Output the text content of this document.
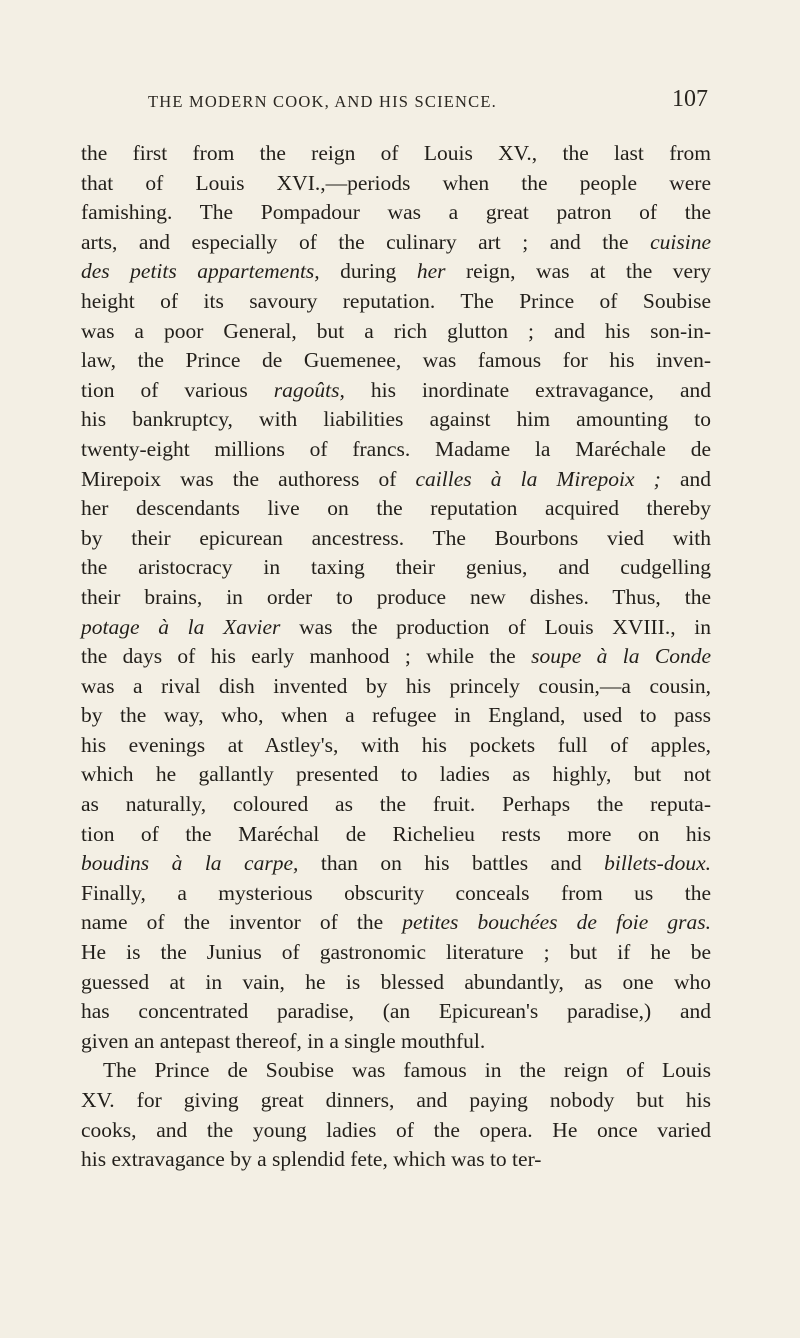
THE MODERN COOK, AND HIS SCIENCE.	107
the first from the reign of Louis XV., the last from
that of Louis XVI.,—periods when the people were
famishing. The Pompadour was a great patron of the
arts, and especially of the culinary art ; and the cuisine
des petits appartements, during her reign, was at the very
height of its savoury reputation. The Prince of Soubise
was a poor General, but a rich glutton ; and his son-in-
law, the Prince de Guemenee, was famous for his inven-
tion of various ragoûts, his inordinate extravagance, and
his bankruptcy, with liabilities against him amounting to
twenty-eight millions of francs. Madame la Maréchale de
Mirepoix was the authoress of cailles à la Mirepoix ; and
her descendants live on the reputation acquired thereby
by their epicurean ancestress. The Bourbons vied with
the aristocracy in taxing their genius, and cudgelling
their brains, in order to produce new dishes. Thus, the
potage à la Xavier was the production of Louis XVIII., in
the days of his early manhood ; while the soupe à la Conde
was a rival dish invented by his princely cousin,—a cousin,
by the way, who, when a refugee in England, used to pass
his evenings at Astley's, with his pockets full of apples,
which he gallantly presented to ladies as highly, but not
as naturally, coloured as the fruit. Perhaps the reputa-
tion of the Maréchal de Richelieu rests more on his
boudins à la carpe, than on his battles and billets-doux.
Finally, a mysterious obscurity conceals from us the
name of the inventor of the petites bouchées de foie gras.
He is the Junius of gastronomic literature ; but if he be
guessed at in vain, he is blessed abundantly, as one who
has concentrated paradise, (an Epicurean's paradise,) and
given an antepast thereof, in a single mouthful.
The Prince de Soubise was famous in the reign of Louis
XV. for giving great dinners, and paying nobody but his
cooks, and the young ladies of the opera. He once varied
his extravagance by a splendid fete, which was to ter-
